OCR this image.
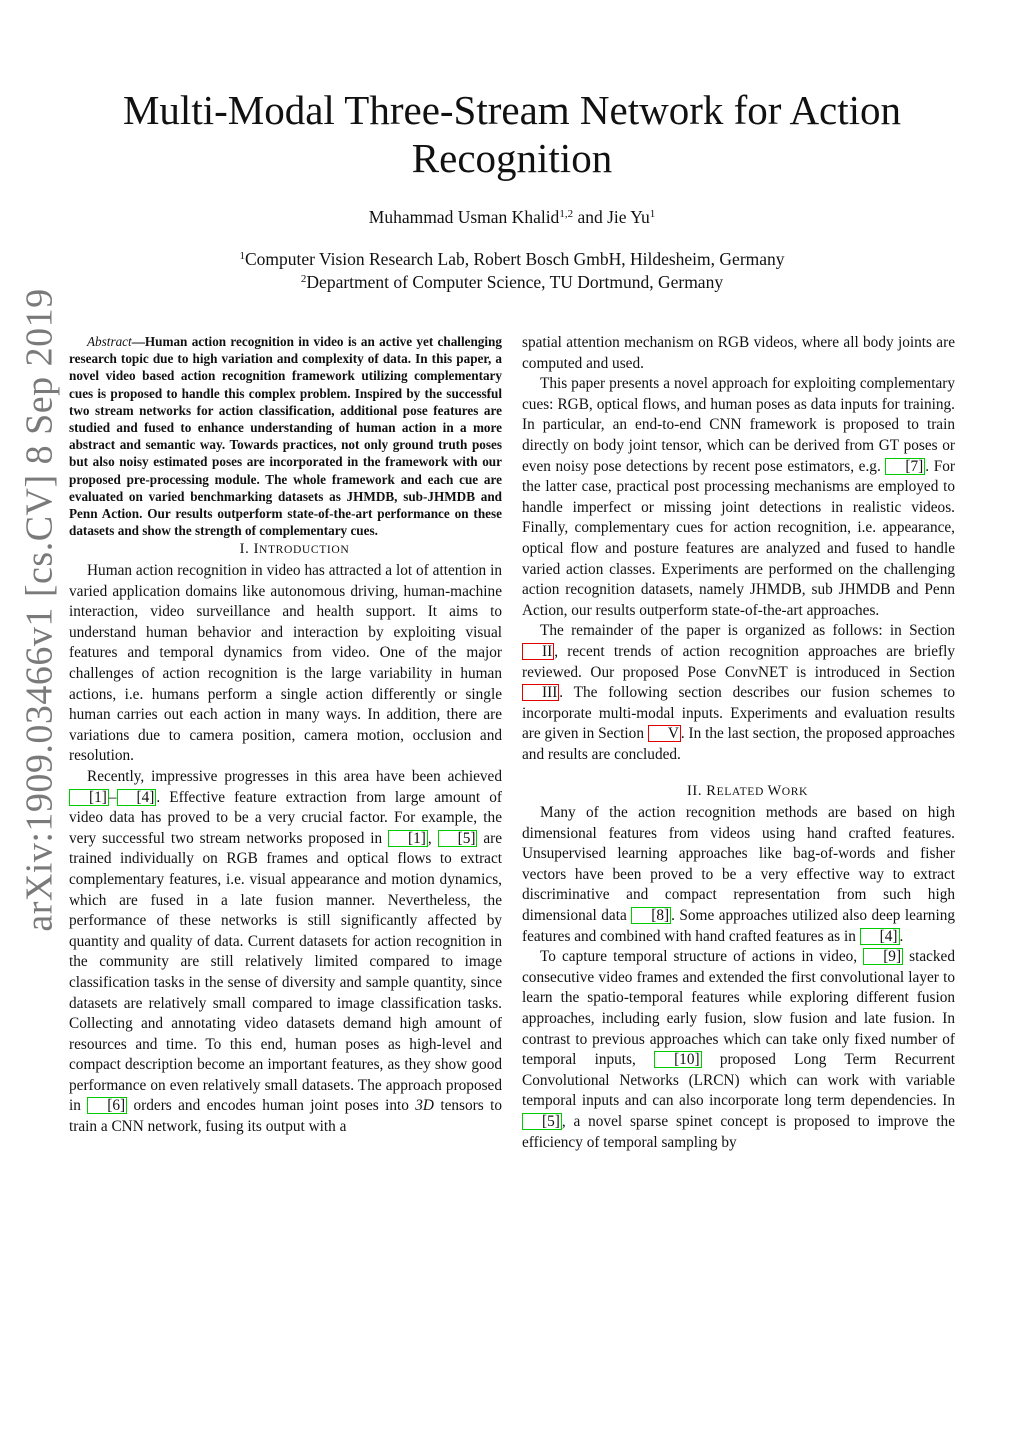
arXiv:1909.03466v1 [cs.CV] 8 Sep 2019
Multi-Modal Three-Stream Network for Action Recognition
Muhammad Usman Khalid$^{1,2}$ and Jie Yu$^1$
$^1$Computer Vision Research Lab, Robert Bosch GmbH, Hildesheim, Germany
$^2$Department of Computer Science, TU Dortmund, Germany

Abstract—Human action recognition in video is an active yet challenging research topic due to high variation and complexity of data. In this paper, a novel video based action recognition framework utilizing complementary cues is proposed to handle this complex problem. Inspired by the successful two stream networks for action classification, additional pose features are studied and fused to enhance understanding of human action in a more abstract and semantic way. Towards practices, not only ground truth poses but also noisy estimated poses are incorporated in the framework with our proposed pre-processing module. The whole framework and each cue are evaluated on varied benchmarking datasets as JHMDB, sub-JHMDB and Penn Action. Our results outperform state-of-the-art performance on these datasets and show the strength of complementary cues.

I. INTRODUCTION

Human action recognition in video has attracted a lot of attention in varied application domains like autonomous driving, human-machine interaction, video surveillance and health support. It aims to understand human behavior and interaction by exploiting visual features and temporal dynamics from video. One of the major challenges of action recognition is the large variability in human actions, i.e. humans perform a single action differently or single human carries out each action in many ways. In addition, there are variations due to camera position, camera motion, occlusion and resolution.

Recently, impressive progresses in this area have been achieved [1] – [4] . Effective feature extraction from large amount of video data has proved to be a very crucial factor. For example, the very successful two stream networks proposed in [1] , [5] are trained individually on RGB frames and optical flows to extract complementary features, i.e. visual appearance and motion dynamics, which are fused in a late fusion manner. Nevertheless, the performance of these networks is still significantly affected by quantity and quality of data. Current datasets for action recognition in the community are still relatively limited compared to image classification tasks in the sense of diversity and sample quantity, since datasets are relatively small compared to image classification tasks. Collecting and annotating video datasets demand high amount of resources and time. To this end, human poses as high-level and compact description become an important features, as they show good performance on even relatively small datasets. The approach proposed in [6] orders and encodes human joint poses into 3D tensors to train a CNN network, fusing its output with a

spatial attention mechanism on RGB videos, where all body joints are computed and used.

This paper presents a novel approach for exploiting complementary cues: RGB, optical flows, and human poses as data inputs for training. In particular, an end-to-end CNN framework is proposed to train directly on body joint tensor, which can be derived from GT poses or even noisy pose detections by recent pose estimators, e.g. [7] . For the latter case, practical post processing mechanisms are employed to handle imperfect or missing joint detections in realistic videos. Finally, complementary cues for action recognition, i.e. appearance, optical flow and posture features are analyzed and fused to handle varied action classes. Experiments are performed on the challenging action recognition datasets, namely JHMDB, sub JHMDB and Penn Action, our results outperform state-of-the-art approaches.

The remainder of the paper is organized as follows: in Section II , recent trends of action recognition approaches are briefly reviewed. Our proposed Pose ConvNET is introduced in Section III . The following section describes our fusion schemes to incorporate multi-modal inputs. Experiments and evaluation results are given in Section V . In the last section, the proposed approaches and results are concluded.

II. RELATED WORK

Many of the action recognition methods are based on high dimensional features from videos using hand crafted features. Unsupervised learning approaches like bag-of-words and fisher vectors have been proved to be a very effective way to extract discriminative and compact representation from such high dimensional data [8] . Some approaches utilized also deep learning features and combined with hand crafted features as in [4] .

To capture temporal structure of actions in video, [9] stacked consecutive video frames and extended the first convolutional layer to learn the spatio-temporal features while exploring different fusion approaches, including early fusion, slow fusion and late fusion. In contrast to previous approaches which can take only fixed number of temporal inputs, [10] proposed Long Term Recurrent Convolutional Networks (LRCN) which can work with variable temporal inputs and can also incorporate long term dependencies. In [5] , a novel sparse spinet concept is proposed to improve the efficiency of temporal sampling by
